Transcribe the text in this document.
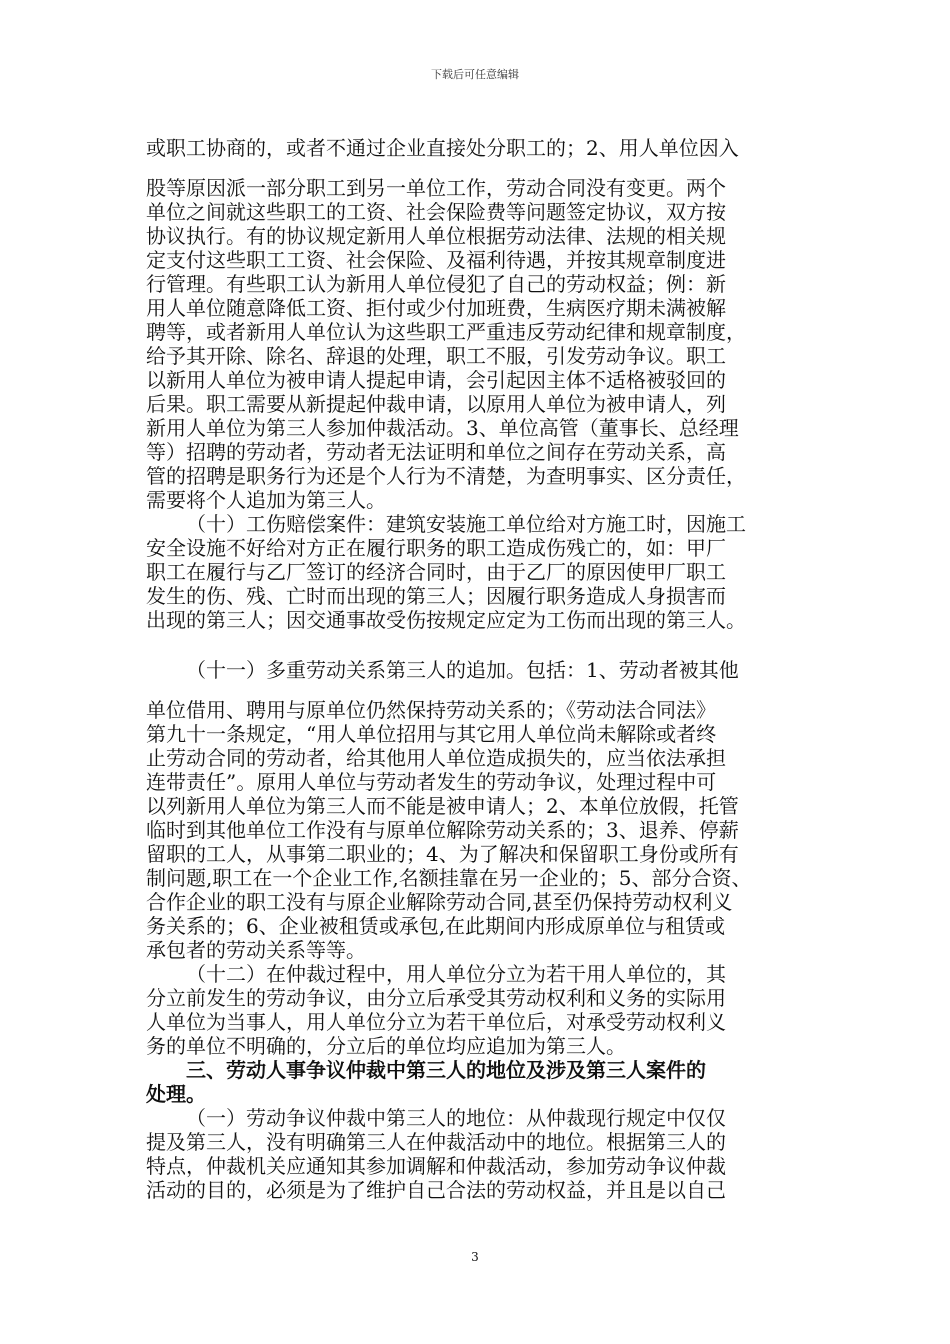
下载后可任意编辑
或职工协商的，或者不通过企业直接处分职工的；2、用人单位因入
股等原因派一部分职工到另一单位工作，劳动合同没有变更。两个
单位之间就这些职工的工资、社会保险费等问题签定协议，双方按
协议执行。有的协议规定新用人单位根据劳动法律、法规的相关规
定支付这些职工工资、社会保险、及福利待遇，并按其规章制度进
行管理。有些职工认为新用人单位侵犯了自己的劳动权益；例：新
用人单位随意降低工资、拒付或少付加班费，生病医疗期未满被解
聘等，或者新用人单位认为这些职工严重违反劳动纪律和规章制度，
给予其开除、除名、辞退的处理，职工不服，引发劳动争议。职工
以新用人单位为被申请人提起申请，会引起因主体不适格被驳回的
后果。职工需要从新提起仲裁申请，以原用人单位为被申请人，列
新用人单位为第三人参加仲裁活动。3、单位高管（董事长、总经理
等）招聘的劳动者，劳动者无法证明和单位之间存在劳动关系，高
管的招聘是职务行为还是个人行为不清楚，为查明事实、区分责任，
需要将个人追加为第三人。
（十）工伤赔偿案件：建筑安装施工单位给对方施工时，因施工
安全设施不好给对方正在履行职务的职工造成伤残亡的，如：甲厂
职工在履行与乙厂签订的经济合同时，由于乙厂的原因使甲厂职工
发生的伤、残、亡时而出现的第三人；因履行职务造成人身损害而
出现的第三人；因交通事故受伤按规定应定为工伤而出现的第三人。
（十一）多重劳动关系第三人的追加。包括：1、劳动者被其他
单位借用、聘用与原单位仍然保持劳动关系的；《劳动法合同法》
第九十一条规定，“用人单位招用与其它用人单位尚未解除或者终
止劳动合同的劳动者，给其他用人单位造成损失的，应当依法承担
连带责任”。原用人单位与劳动者发生的劳动争议，处理过程中可
以列新用人单位为第三人而不能是被申请人；2、本单位放假，托管
临时到其他单位工作没有与原单位解除劳动关系的；3、退养、停薪
留职的工人，从事第二职业的；4、为了解决和保留职工身份或所有
制问题,职工在一个企业工作,名额挂靠在另一企业的；5、部分合资、
合作企业的职工没有与原企业解除劳动合同,甚至仍保持劳动权利义
务关系的；6、企业被租赁或承包,在此期间内形成原单位与租赁或
承包者的劳动关系等等。
（十二）在仲裁过程中，用人单位分立为若干用人单位的，其
分立前发生的劳动争议，由分立后承受其劳动权利和义务的实际用
人单位为当事人，用人单位分立为若干单位后，对承受劳动权利义
务的单位不明确的，分立后的单位均应追加为第三人。
三、劳动人事争议仲裁中第三人的地位及涉及第三人案件的
处理。
（一）劳动争议仲裁中第三人的地位：从仲裁现行规定中仅仅
提及第三人，没有明确第三人在仲裁活动中的地位。根据第三人的
特点，仲裁机关应通知其参加调解和仲裁活动，参加劳动争议仲裁
活动的目的，必须是为了维护自己合法的劳动权益，并且是以自己
3
